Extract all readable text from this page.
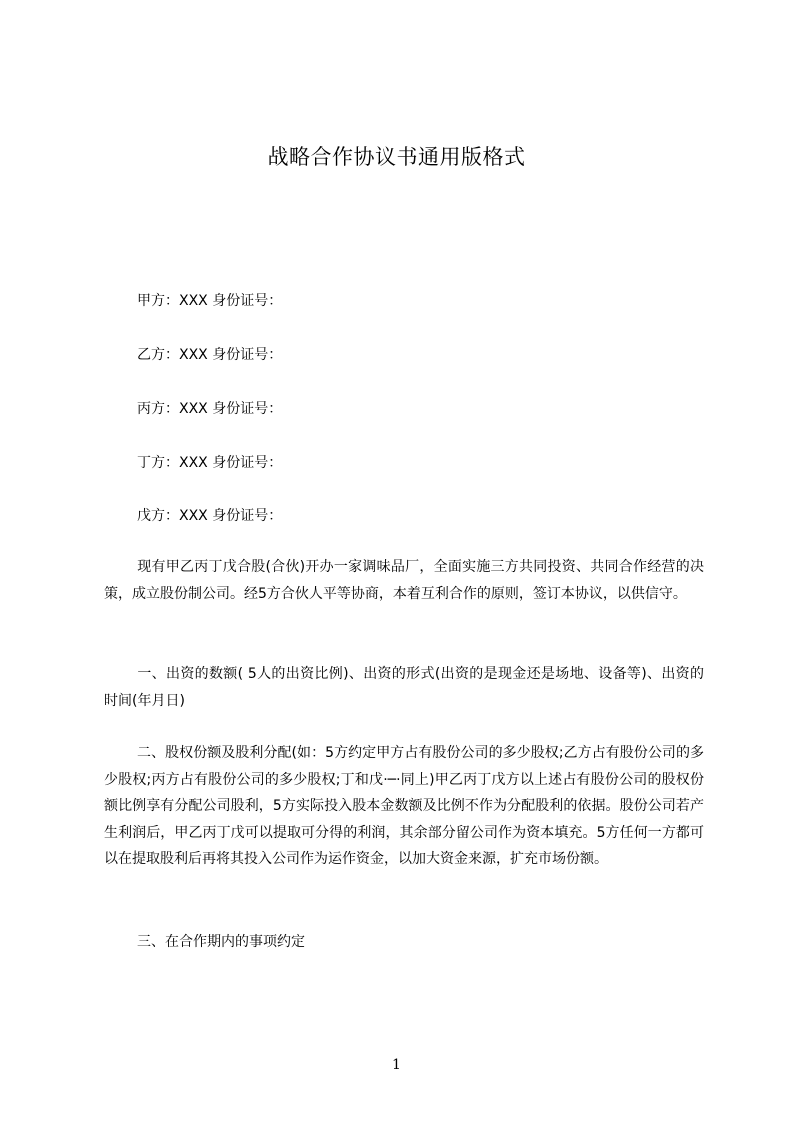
战略合作协议书通用版格式
甲方：XXX 身份证号：
乙方：XXX 身份证号：
丙方：XXX 身份证号：
丁方：XXX 身份证号：
戊方：XXX 身份证号：
现有甲乙丙丁戊合股(合伙)开办一家调味品厂，全面实施三方共同投资、共同合作经营的决策，成立股份制公司。经5方合伙人平等协商，本着互利合作的原则，签订本协议，以供信守。
一、出资的数额( 5人的出资比例)、出资的形式(出资的是现金还是场地、设备等)、出资的时间(年月日)
二、股权份额及股利分配(如：5方约定甲方占有股份公司的多少股权;乙方占有股份公司的多少股权;丙方占有股份公司的多少股权;丁和戊·─·同上)甲乙丙丁戊方以上述占有股份公司的股权份额比例享有分配公司股利，5方实际投入股本金数额及比例不作为分配股利的依据。股份公司若产生利润后，甲乙丙丁戊可以提取可分得的利润，其余部分留公司作为资本填充。5方任何一方都可以在提取股利后再将其投入公司作为运作资金，以加大资金来源，扩充市场份额。
三、在合作期内的事项约定
1
